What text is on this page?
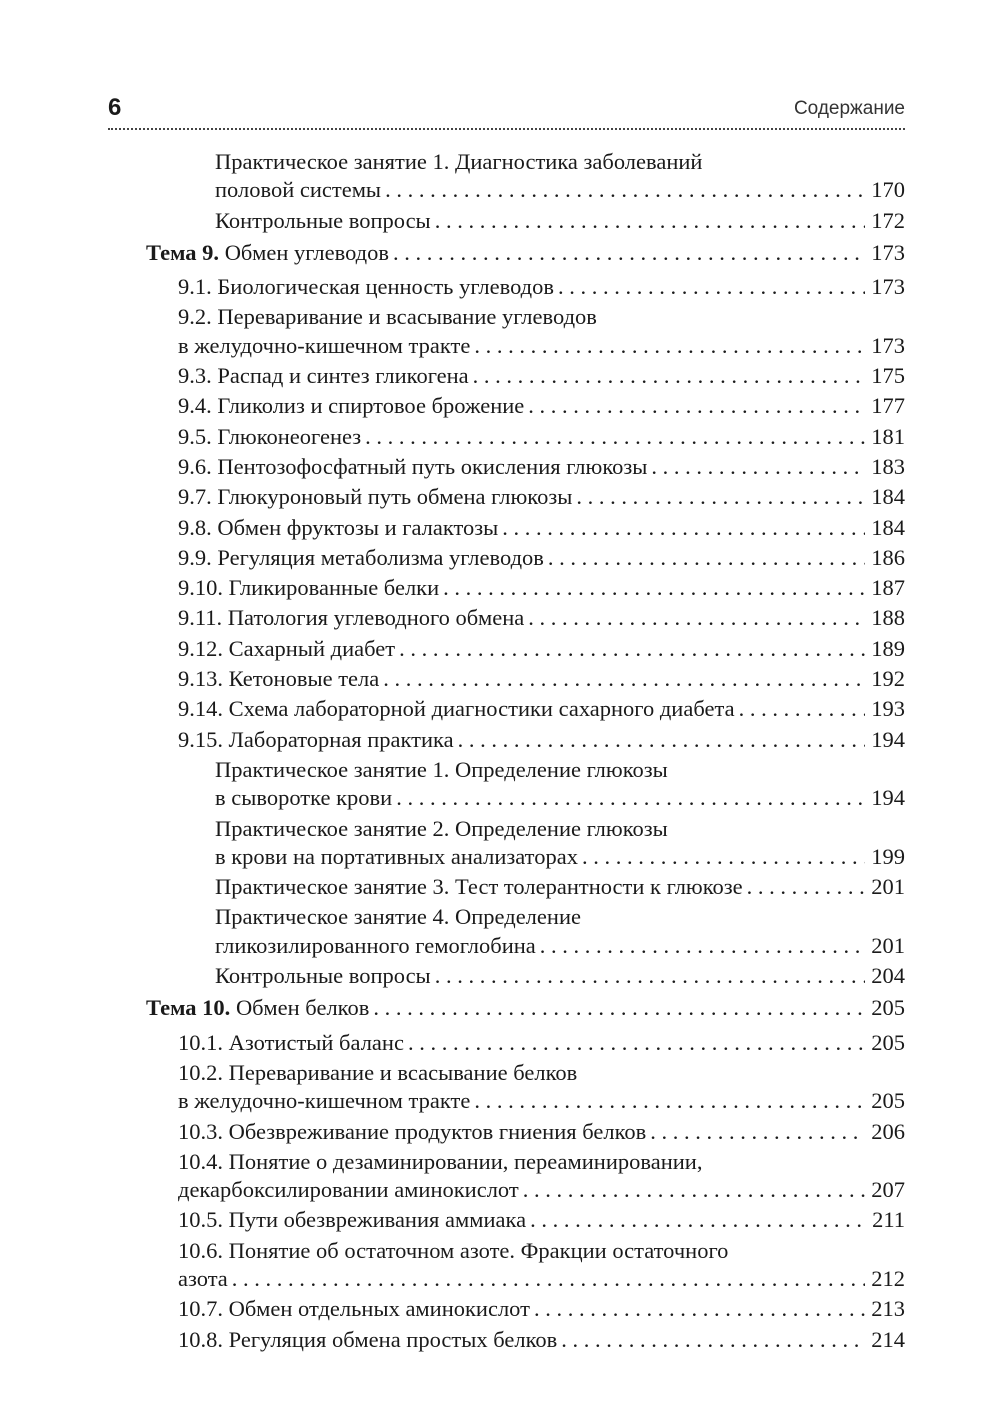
6	Содержание
Практическое занятие 1. Диагностика заболеваний
половой системы . . .	170
Контрольные вопросы . . .	172
Тема 9. Обмен углеводов . . .	173
9.1. Биологическая ценность углеводов . . .	173
9.2. Переваривание и всасывание углеводов
в желудочно-кишечном тракте . . .	173
9.3. Распад и синтез гликогена . . .	175
9.4. Гликолиз и спиртовое брожение . . .	177
9.5. Глюконеогенез . . .	181
9.6. Пентозофосфатный путь окисления глюкозы . . .	183
9.7. Глюкуроновый путь обмена глюкозы . . .	184
9.8. Обмен фруктозы и галактозы . . .	184
9.9. Регуляция метаболизма углеводов . . .	186
9.10. Гликированные белки . . .	187
9.11. Патология углеводного обмена . . .	188
9.12. Сахарный диабет . . .	189
9.13. Кетоновые тела . . .	192
9.14. Схема лабораторной диагностики сахарного диабета . . .	193
9.15. Лабораторная практика . . .	194
Практическое занятие 1. Определение глюкозы
в сыворотке крови . . .	194
Практическое занятие 2. Определение глюкозы
в крови на портативных анализаторах . . .	199
Практическое занятие 3. Тест толерантности к глюкозе . . .	201
Практическое занятие 4. Определение
гликозилированного гемоглобина . . .	201
Контрольные вопросы . . .	204
Тема 10. Обмен белков . . .	205
10.1. Азотистый баланс . . .	205
10.2. Переваривание и всасывание белков
в желудочно-кишечном тракте . . .	205
10.3. Обезвреживание продуктов гниения белков . . .	206
10.4. Понятие о дезаминировании, переаминировании,
декарбоксилировании аминокислот . . .	207
10.5. Пути обезвреживания аммиака . . .	211
10.6. Понятие об остаточном азоте. Фракции остаточного
азота . . .	212
10.7. Обмен отдельных аминокислот . . .	213
10.8. Регуляция обмена простых белков . . .	214
